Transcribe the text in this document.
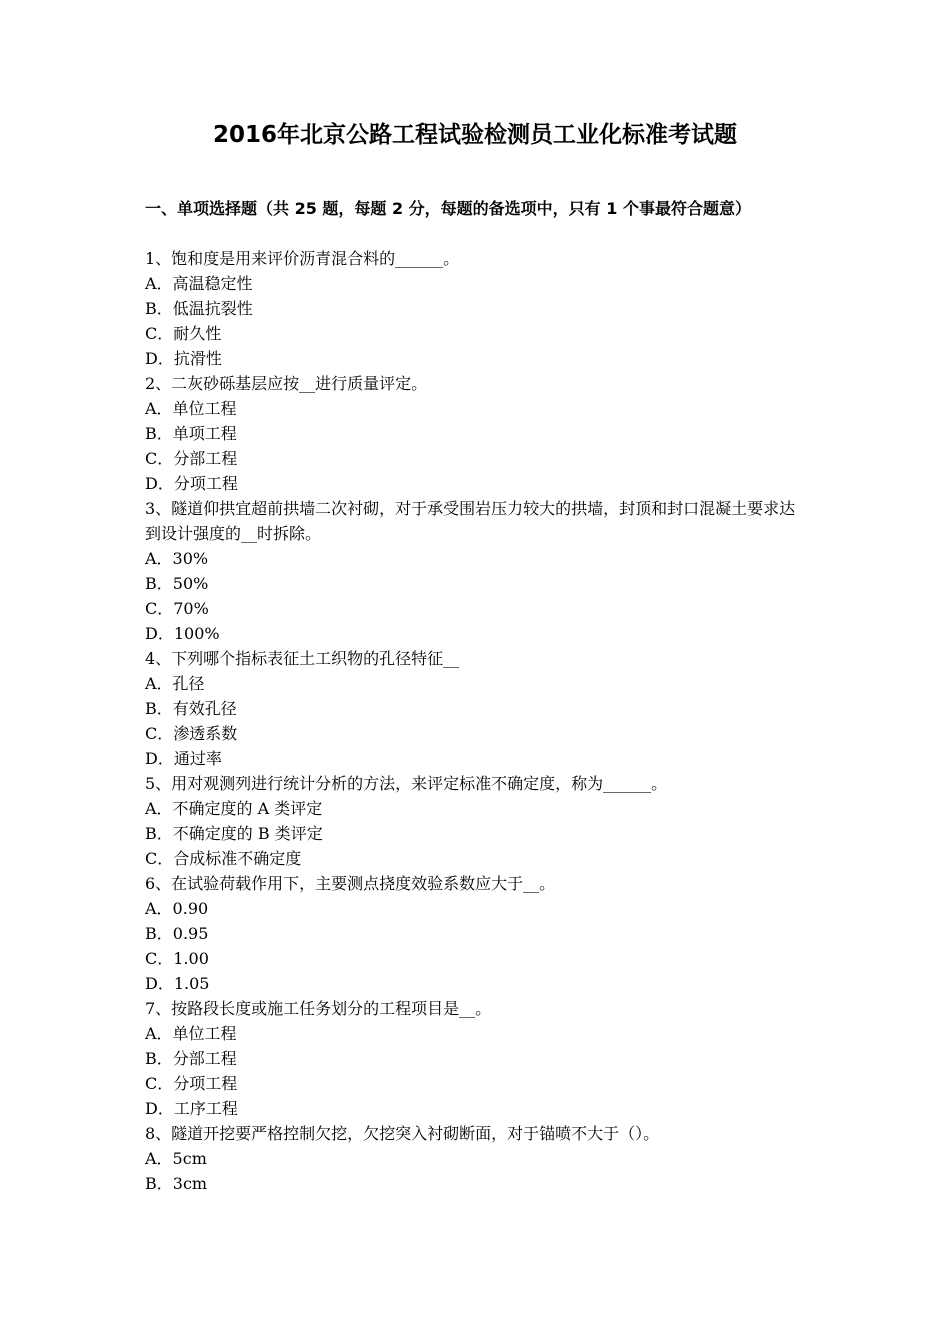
2016年北京公路工程试验检测员工业化标准考试题
一、单项选择题（共 25 题，每题 2 分，每题的备选项中，只有 1 个事最符合题意）
1、饱和度是用来评价沥青混合料的______。
A．高温稳定性
B．低温抗裂性
C．耐久性
D．抗滑性
2、二灰砂砾基层应按__进行质量评定。
A．单位工程
B．单项工程
C．分部工程
D．分项工程
3、隧道仰拱宜超前拱墙二次衬砌，对于承受围岩压力较大的拱墙，封顶和封口混凝土要求达到设计强度的__时拆除。
A．30%
B．50%
C．70%
D．100%
4、下列哪个指标表征土工织物的孔径特征__
A．孔径
B．有效孔径
C．渗透系数
D．通过率
5、用对观测列进行统计分析的方法，来评定标准不确定度，称为______。
A．不确定度的 A 类评定
B．不确定度的 B 类评定
C．合成标准不确定度
6、在试验荷载作用下，主要测点挠度效验系数应大于__。
A．0.90
B．0.95
C．1.00
D．1.05
7、按路段长度或施工任务划分的工程项目是__。
A．单位工程
B．分部工程
C．分项工程
D．工序工程
8、隧道开挖要严格控制欠挖，欠挖突入衬砌断面，对于锚喷不大于（）。
A．5cm
B．3cm
